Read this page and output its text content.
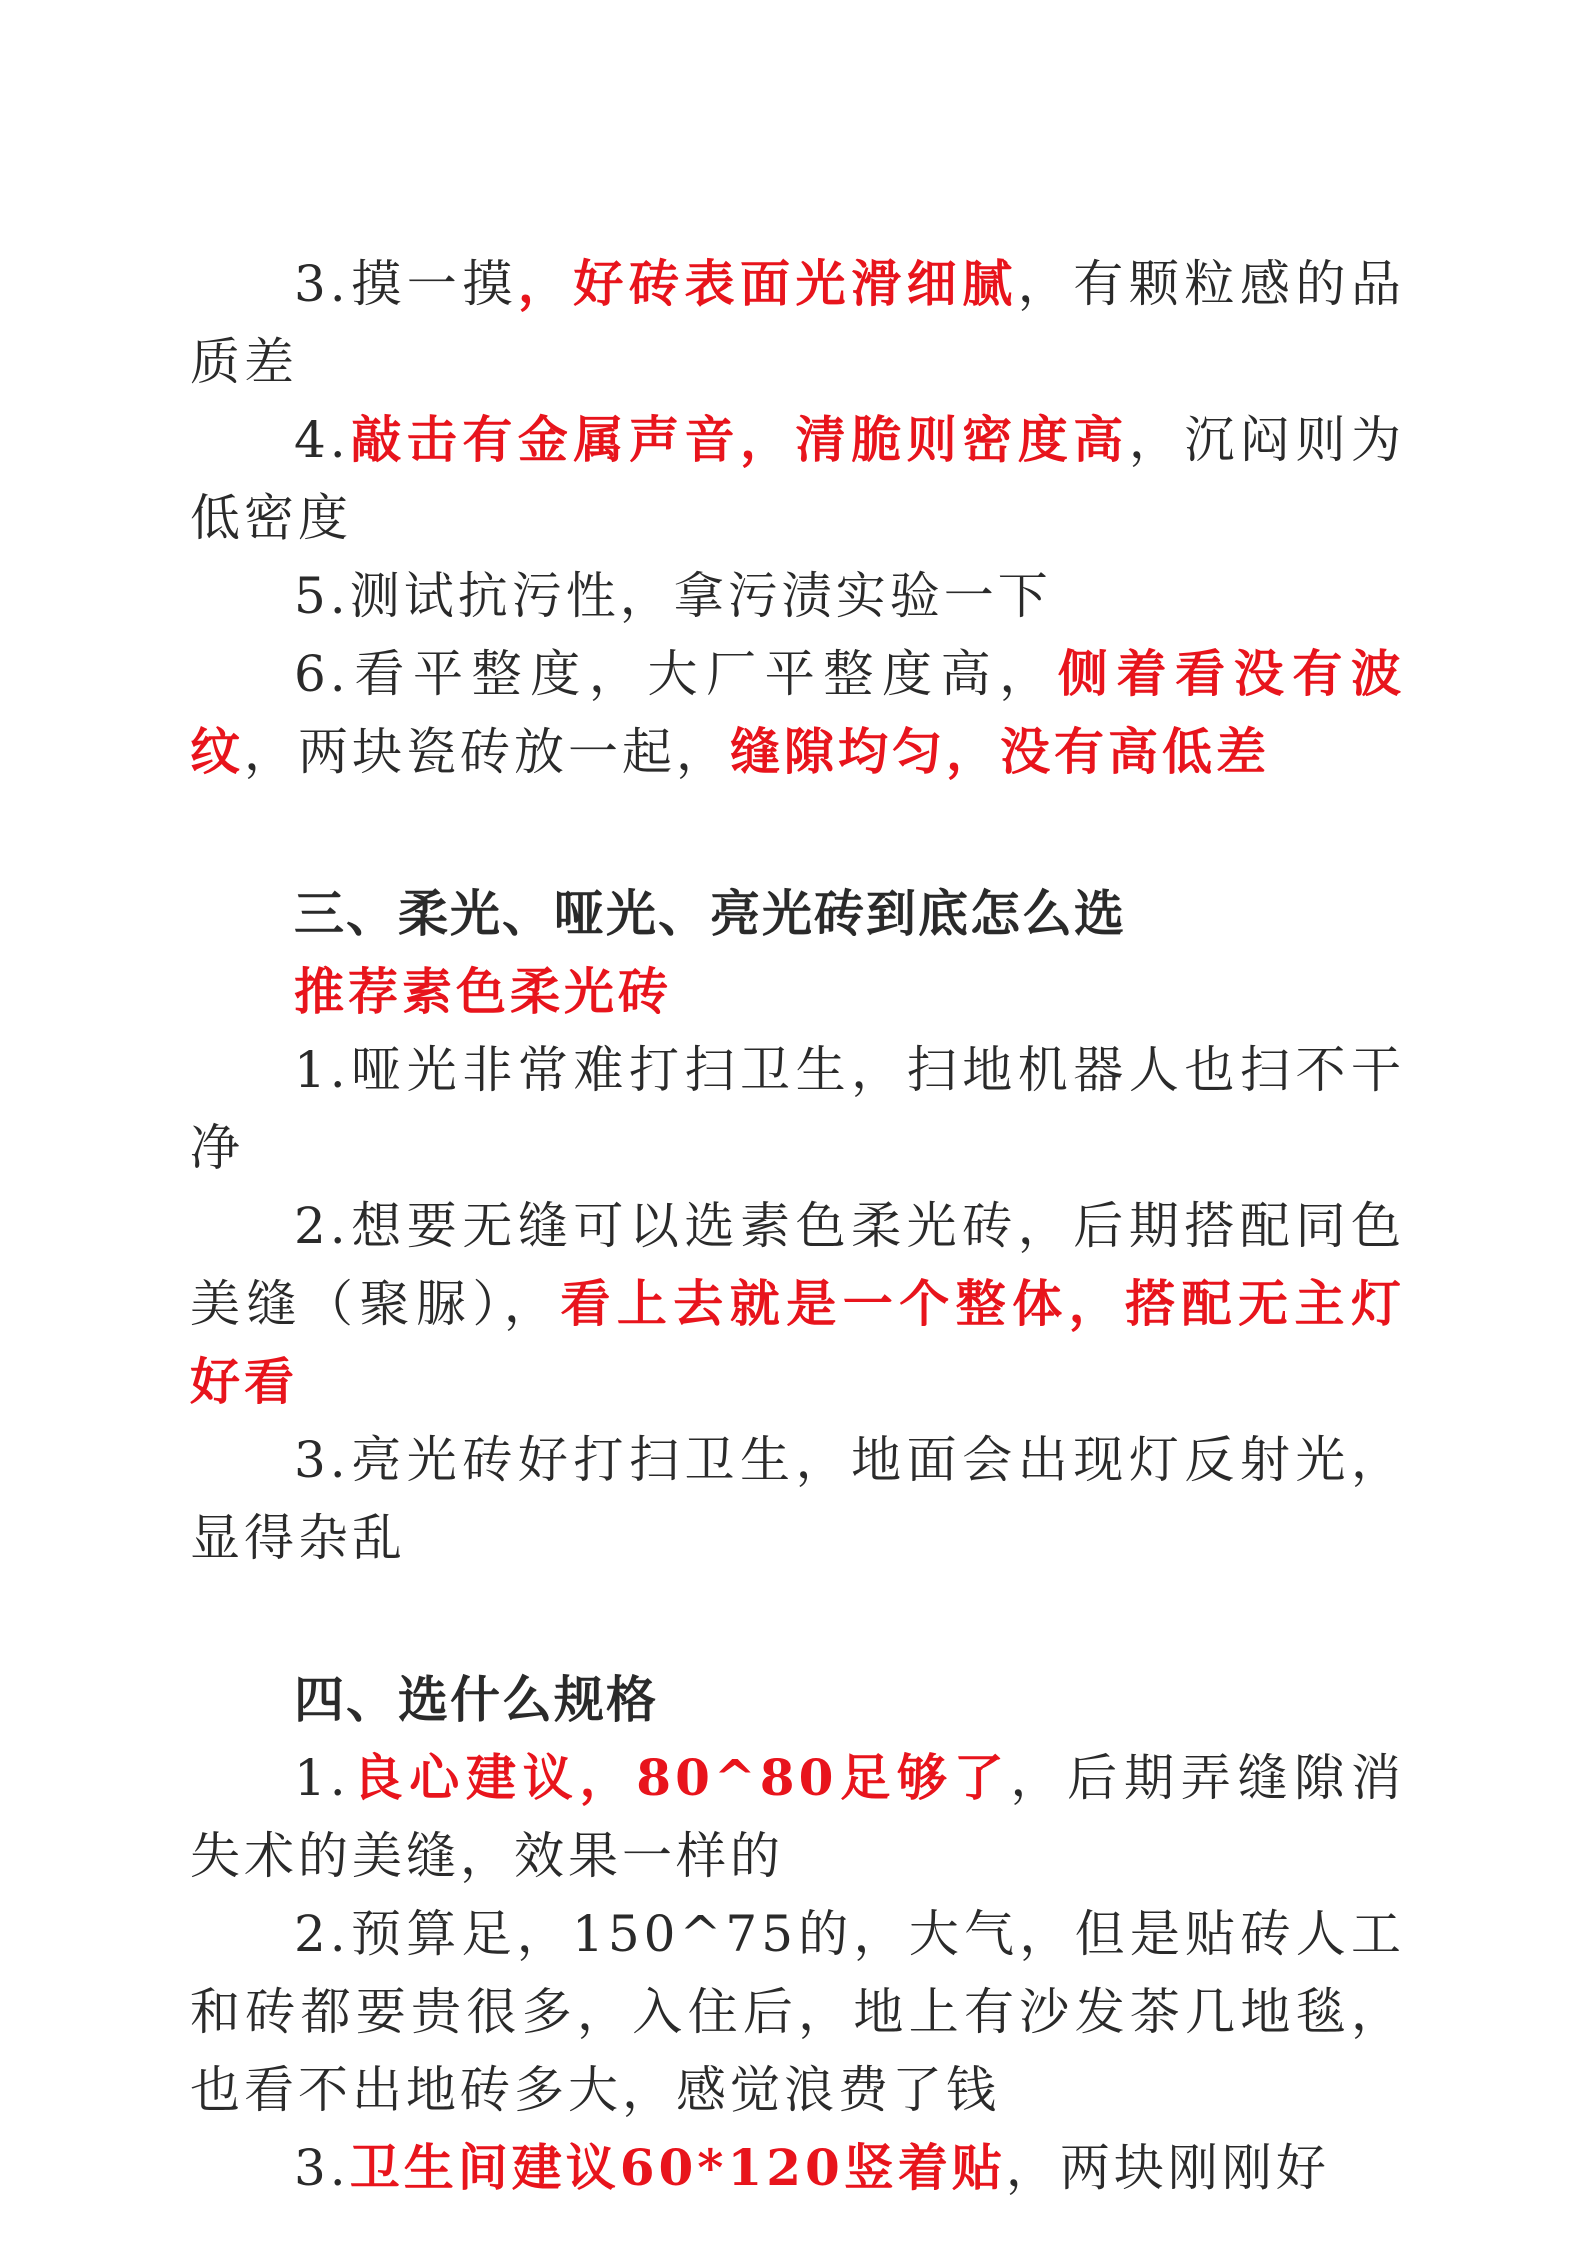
3.摸一摸，好砖表面光滑细腻，有颗粒感的品质差

4.敲击有金属声音，清脆则密度高，沉闷则为低密度

5.测试抗污性，拿污渍实验一下

6.看平整度，大厂平整度高，侧着看没有波纹，两块瓷砖放一起，缝隙均匀，没有高低差

三、柔光、哑光、亮光砖到底怎么选

推荐素色柔光砖

1.哑光非常难打扫卫生，扫地机器人也扫不干净

2.想要无缝可以选素色柔光砖，后期搭配同色美缝（聚脲），看上去就是一个整体，搭配无主灯好看

3.亮光砖好打扫卫生，地面会出现灯反射光，显得杂乱

四、选什么规格

1.良心建议，80^80足够了，后期弄缝隙消失术的美缝，效果一样的

2.预算足，150^75的，大气，但是贴砖人工和砖都要贵很多，入住后，地上有沙发茶几地毯，也看不出地砖多大，感觉浪费了钱

3.卫生间建议60*120竖着贴，两块刚刚好
